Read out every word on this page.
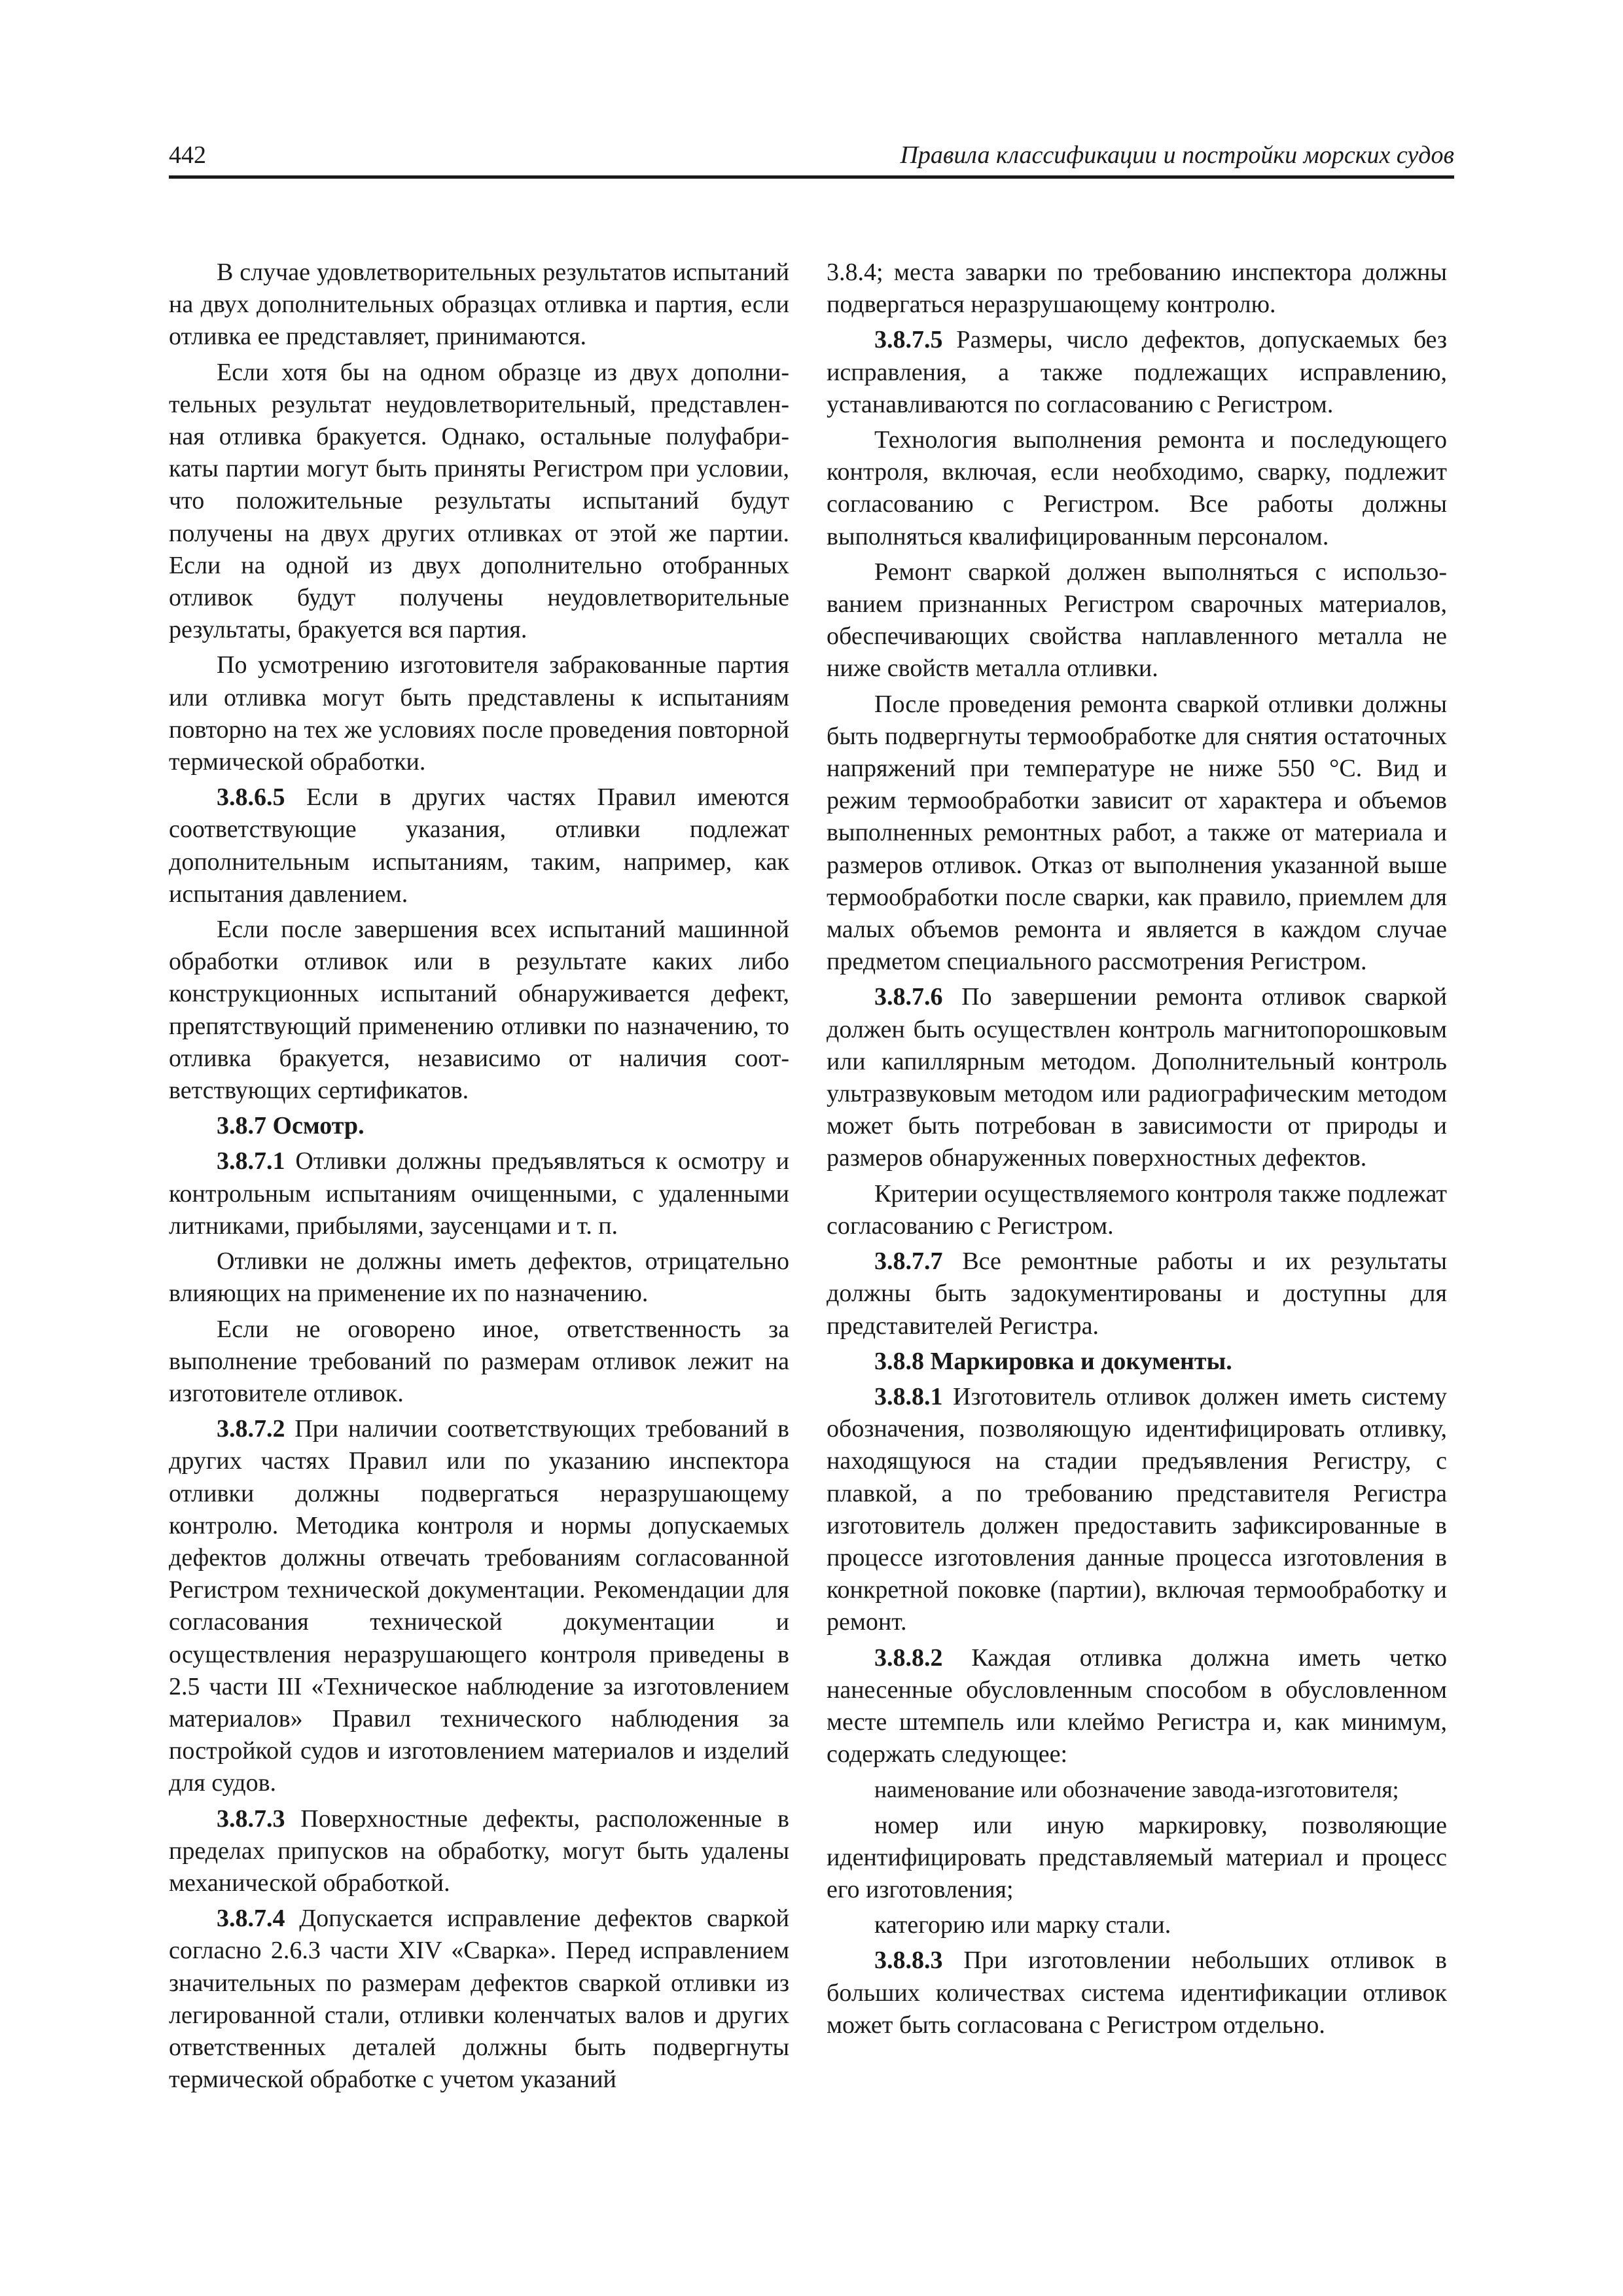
442	Правила классификации и постройки морских судов

В случае удовлетворительных результатов испытаний на двух дополнительных образцах отливка и партия, если отливка ее представляет, принимаются.

Если хотя бы на одном образце из двух дополнительных результат неудовлетворительный, представленная отливка бракуется. Однако, остальные полуфабрикаты партии могут быть приняты Регистром при условии, что положительные результаты испытаний будут получены на двух других отливках от этой же партии. Если на одной из двух дополнительно отобранных отливок будут получены неудовлетворительные результаты, бракуется вся партия.

По усмотрению изготовителя забракованные партия или отливка могут быть представлены к испытаниям повторно на тех же условиях после проведения повторной термической обработки.

3.8.6.5 Если в других частях Правил имеются соответствующие указания, отливки подлежат дополнительным испытаниям, таким, например, как испытания давлением.

Если после завершения всех испытаний машинной обработки отливок или в результате каких либо конструкционных испытаний обнаруживается дефект, препятствующий применению отливки по назначению, то отливка бракуется, независимо от наличия соответствующих сертификатов.

3.8.7 Осмотр.

3.8.7.1 Отливки должны предъявляться к осмотру и контрольным испытаниям очищенными, с удаленными литниками, прибылями, заусенцами и т. п.

Отливки не должны иметь дефектов, отрицательно влияющих на применение их по назначению.

Если не оговорено иное, ответственность за выполнение требований по размерам отливок лежит на изготовителе отливок.

3.8.7.2 При наличии соответствующих требований в других частях Правил или по указанию инспектора отливки должны подвергаться неразрушающему контролю. Методика контроля и нормы допускаемых дефектов должны отвечать требованиям согласованной Регистром технической документации. Рекомендации для согласования технической документации и осуществления неразрушающего контроля приведены в 2.5 части III «Техническое наблюдение за изготовлением материалов» Правил технического наблюдения за постройкой судов и изготовлением материалов и изделий для судов.

3.8.7.3 Поверхностные дефекты, расположенные в пределах припусков на обработку, могут быть удалены механической обработкой.

3.8.7.4 Допускается исправление дефектов сваркой согласно 2.6.3 части XIV «Сварка». Перед исправлением значительных по размерам дефектов сваркой отливки из легированной стали, отливки коленчатых валов и других ответственных деталей должны быть подвергнуты термической обработке с учетом указаний

3.8.4; места заварки по требованию инспектора должны подвергаться неразрушающему контролю.

3.8.7.5 Размеры, число дефектов, допускаемых без исправления, а также подлежащих исправлению, устанавливаются по согласованию с Регистром.

Технология выполнения ремонта и последующего контроля, включая, если необходимо, сварку, подлежит согласованию с Регистром. Все работы должны выполняться квалифицированным персоналом.

Ремонт сваркой должен выполняться с использованием признанных Регистром сварочных материалов, обеспечивающих свойства наплавленного металла не ниже свойств металла отливки.

После проведения ремонта сваркой отливки должны быть подвергнуты термообработке для снятия остаточных напряжений при температуре не ниже 550 °С. Вид и режим термообработки зависит от характера и объемов выполненных ремонтных работ, а также от материала и размеров отливок. Отказ от выполнения указанной выше термообработки после сварки, как правило, приемлем для малых объемов ремонта и является в каждом случае предметом специального рассмотрения Регистром.

3.8.7.6 По завершении ремонта отливок сваркой должен быть осуществлен контроль магнитопорошковым или капиллярным методом. Дополнительный контроль ультразвуковым методом или радиографическим методом может быть потребован в зависимости от природы и размеров обнаруженных поверхностных дефектов.

Критерии осуществляемого контроля также подлежат согласованию с Регистром.

3.8.7.7 Все ремонтные работы и их результаты должны быть задокументированы и доступны для представителей Регистра.

3.8.8 Маркировка и документы.

3.8.8.1 Изготовитель отливок должен иметь систему обозначения, позволяющую идентифицировать отливку, находящуюся на стадии предъявления Регистру, с плавкой, а по требованию представителя Регистра изготовитель должен предоставить зафиксированные в процессе изготовления данные процесса изготовления в конкретной поковке (партии), включая термообработку и ремонт.

3.8.8.2 Каждая отливка должна иметь четко нанесенные обусловленным способом в обусловленном месте штемпель или клеймо Регистра и, как минимум, содержать следующее:

наименование или обозначение завода-изготовителя;

номер или иную маркировку, позволяющие идентифицировать представляемый материал и процесс его изготовления;

категорию или марку стали.

3.8.8.3 При изготовлении небольших отливок в больших количествах система идентификации отливок может быть согласована с Регистром отдельно.
